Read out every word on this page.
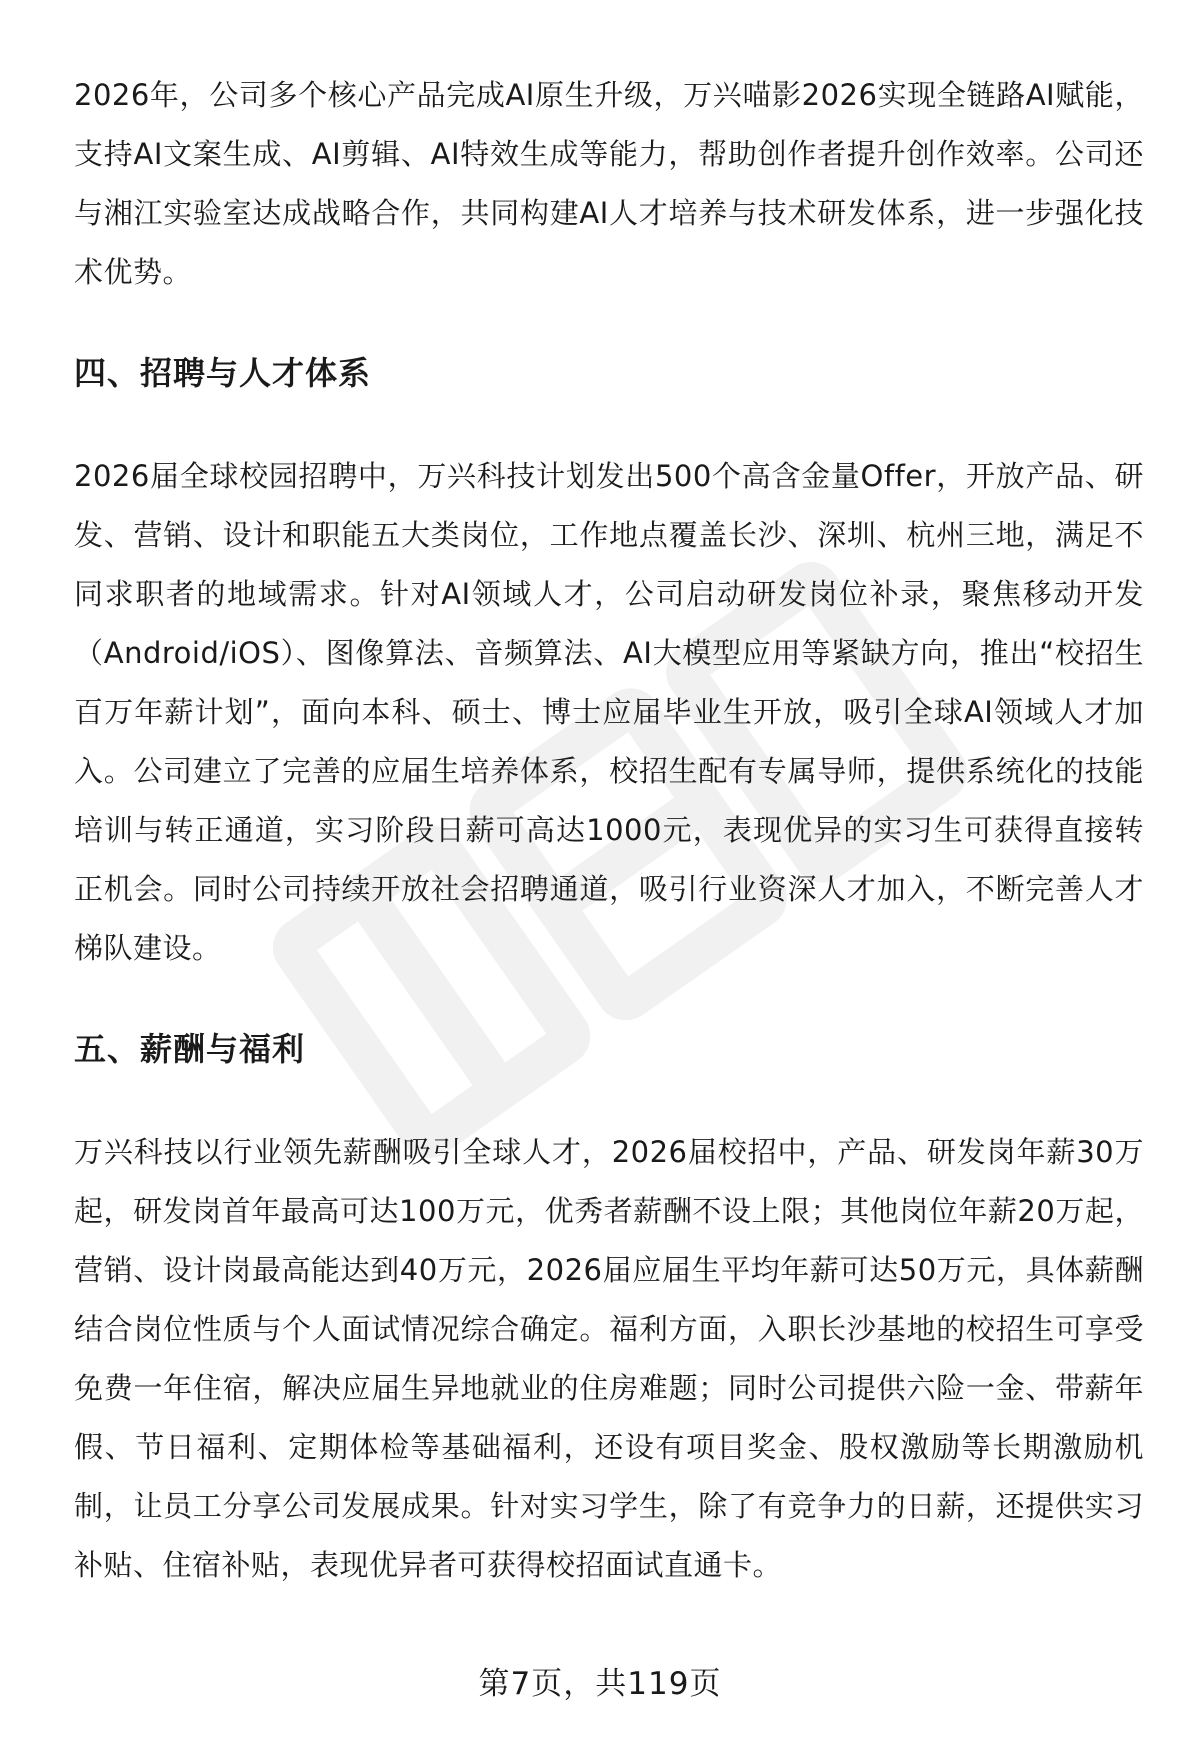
2026年，公司多个核心产品完成AI原生升级，万兴喵影2026实现全链路AI赋能，支持AI文案生成、AI剪辑、AI特效生成等能力，帮助创作者提升创作效率。公司还与湘江实验室达成战略合作，共同构建AI人才培养与技术研发体系，进一步强化技术优势。

四、招聘与人才体系

2026届全球校园招聘中，万兴科技计划发出500个高含金量Offer，开放产品、研发、营销、设计和职能五大类岗位，工作地点覆盖长沙、深圳、杭州三地，满足不同求职者的地域需求。针对AI领域人才，公司启动研发岗位补录，聚焦移动开发（Android/iOS）、图像算法、音频算法、AI大模型应用等紧缺方向，推出“校招生百万年薪计划”，面向本科、硕士、博士应届毕业生开放，吸引全球AI领域人才加入。公司建立了完善的应届生培养体系，校招生配有专属导师，提供系统化的技能培训与转正通道，实习阶段日薪可高达1000元，表现优异的实习生可获得直接转正机会。同时公司持续开放社会招聘通道，吸引行业资深人才加入，不断完善人才梯队建设。

五、薪酬与福利

万兴科技以行业领先薪酬吸引全球人才，2026届校招中，产品、研发岗年薪30万起，研发岗首年最高可达100万元，优秀者薪酬不设上限；其他岗位年薪20万起，营销、设计岗最高能达到40万元，2026届应届生平均年薪可达50万元，具体薪酬结合岗位性质与个人面试情况综合确定。福利方面，入职长沙基地的校招生可享受免费一年住宿，解决应届生异地就业的住房难题；同时公司提供六险一金、带薪年假、节日福利、定期体检等基础福利，还设有项目奖金、股权激励等长期激励机制，让员工分享公司发展成果。针对实习学生，除了有竞争力的日薪，还提供实习补贴、住宿补贴，表现优异者可获得校招面试直通卡。

第7页，共119页
